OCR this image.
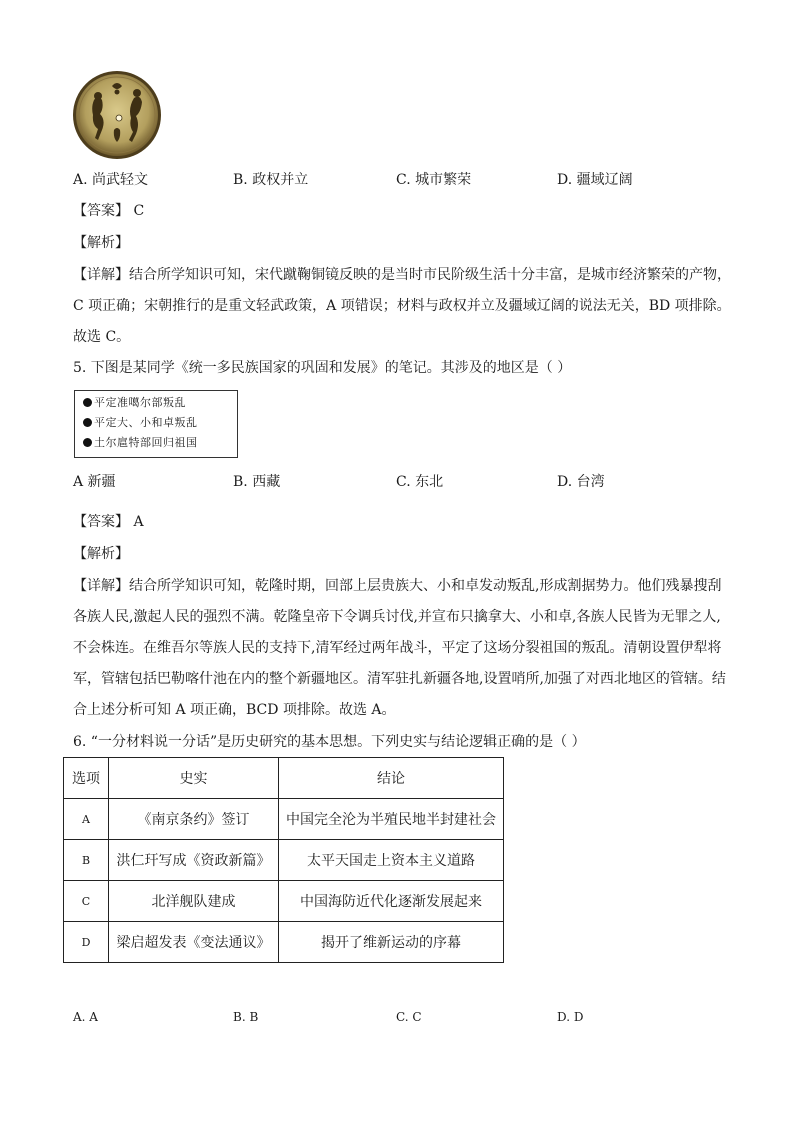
A. 尚武轻文	B. 政权并立	C. 城市繁荣	D. 疆域辽阔
【答案】 C
【解析】
【详解】结合所学知识可知，宋代蹴鞠铜镜反映的是当时市民阶级生活十分丰富，是城市经济繁荣的产物，
C 项正确；宋朝推行的是重文轻武政策，A 项错误；材料与政权并立及疆域辽阔的说法无关，BD 项排除。
故选 C。
5. 下图是某同学《统一多民族国家的巩固和发展》的笔记。其涉及的地区是（ ）
平定准噶尔部叛乱
平定大、小和卓叛乱
土尔扈特部回归祖国
A 新疆	B. 西藏	C. 东北	D. 台湾
【答案】 A
【解析】
【详解】结合所学知识可知，乾隆时期，回部上层贵族大、小和卓发动叛乱,形成割据势力。他们残暴搜刮
各族人民,激起人民的强烈不满。乾隆皇帝下令调兵讨伐,并宣布只擒拿大、小和卓,各族人民皆为无罪之人,
不会株连。在维吾尔等族人民的支持下,清军经过两年战斗，平定了这场分裂祖国的叛乱。清朝设置伊犁将
军，管辖包括巴勒喀什池在内的整个新疆地区。清军驻扎新疆各地,设置哨所,加强了对西北地区的管辖。结
合上述分析可知 A 项正确，BCD 项排除。故选 A。
6. “一分材料说一分话”是历史研究的基本思想。下列史实与结论逻辑正确的是（ ）
选项	史实	结论
A	《南京条约》签订	中国完全沦为半殖民地半封建社会
B	洪仁玕写成《资政新篇》	太平天国走上资本主义道路
C	北洋舰队建成	中国海防近代化逐渐发展起来
D	梁启超发表《变法通议》	揭开了维新运动的序幕
A. A	B. B	C. C	D. D
